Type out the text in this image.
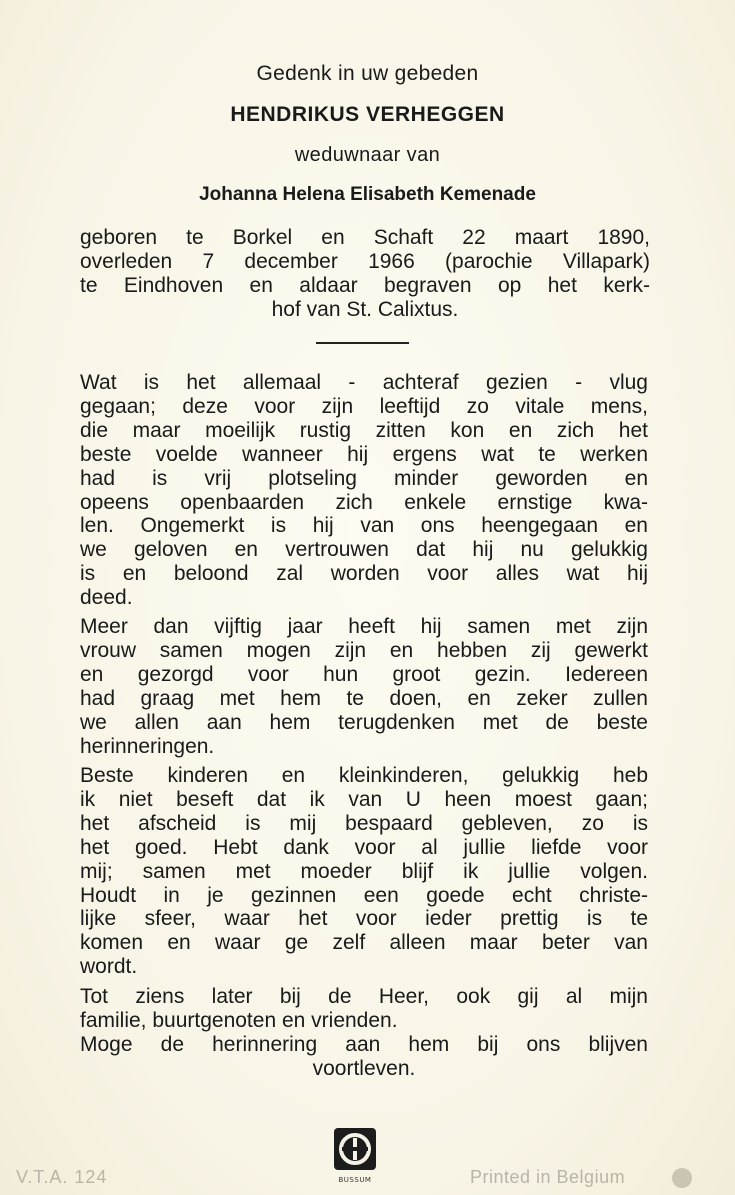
Gedenk in uw gebeden
HENDRIKUS VERHEGGEN
weduwnaar van
Johanna Helena Elisabeth Kemenade
geboren te Borkel en Schaft 22 maart 1890,
overleden 7 december 1966 (parochie Villapark)
te Eindhoven en aldaar begraven op het kerk-
hof van St. Calixtus.
Wat is het allemaal - achteraf gezien - vlug
gegaan; deze voor zijn leeftijd zo vitale mens,
die maar moeilijk rustig zitten kon en zich het
beste voelde wanneer hij ergens wat te werken
had is vrij plotseling minder geworden en
opeens openbaarden zich enkele ernstige kwa-
len. Ongemerkt is hij van ons heengegaan en
we geloven en vertrouwen dat hij nu gelukkig
is en beloond zal worden voor alles wat hij
deed.
Meer dan vijftig jaar heeft hij samen met zijn
vrouw samen mogen zijn en hebben zij gewerkt
en gezorgd voor hun groot gezin. Iedereen
had graag met hem te doen, en zeker zullen
we allen aan hem terugdenken met de beste
herinneringen.
Beste kinderen en kleinkinderen, gelukkig heb
ik niet beseft dat ik van U heen moest gaan;
het afscheid is mij bespaard gebleven, zo is
het goed. Hebt dank voor al jullie liefde voor
mij; samen met moeder blijf ik jullie volgen.
Houdt in je gezinnen een goede echt christe-
lijke sfeer, waar het voor ieder prettig is te
komen en waar ge zelf alleen maar beter van
wordt.
Tot ziens later bij de Heer, ook gij al mijn
familie, buurtgenoten en vrienden.
Moge de herinnering aan hem bij ons blijven
voortleven.
BUSSUM
V.T.A. 124	Printed in Belgium
